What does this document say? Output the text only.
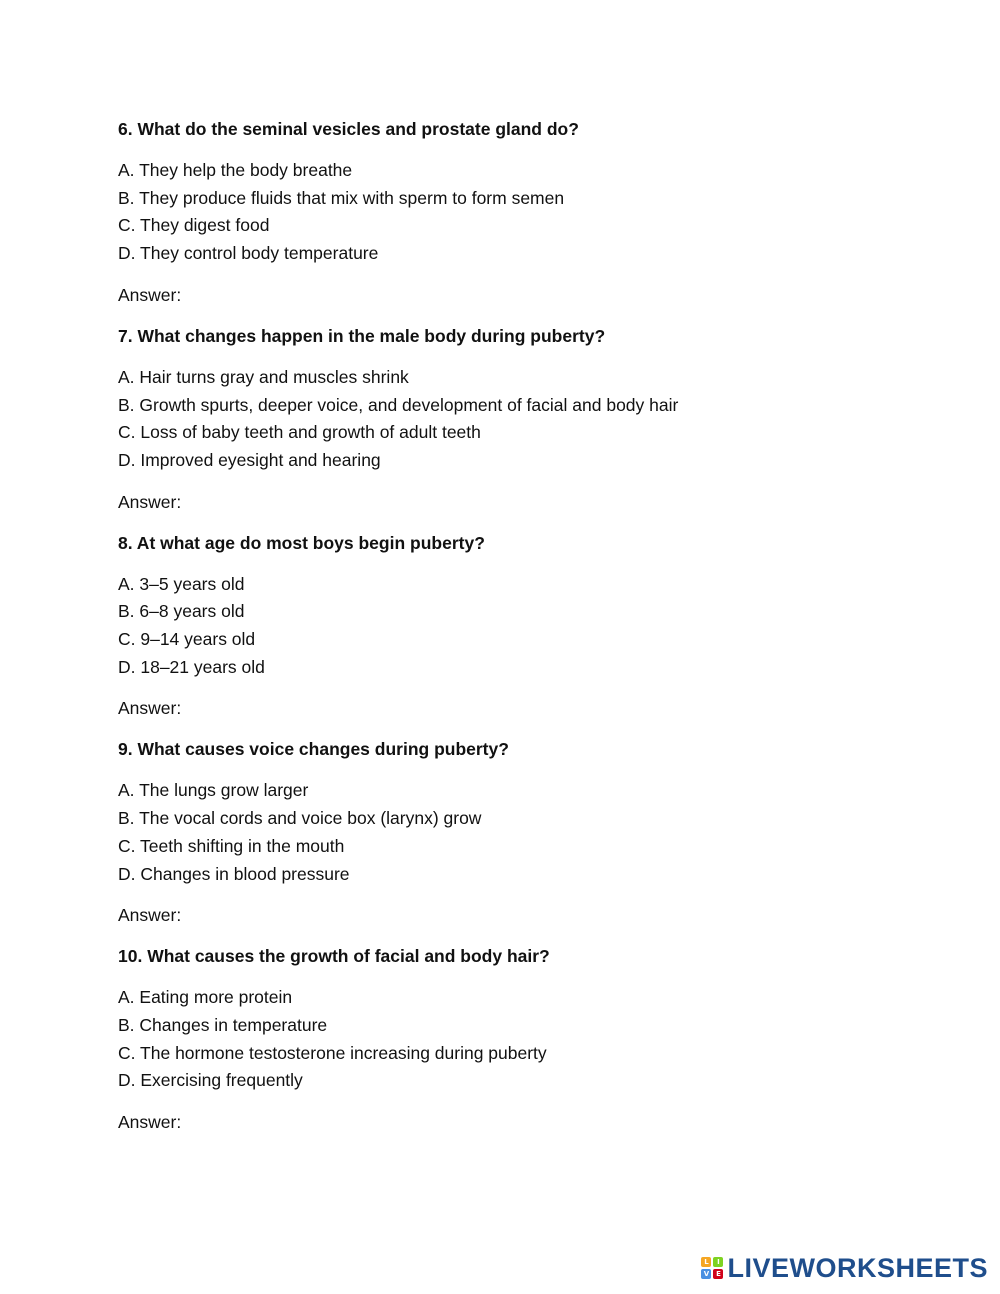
6. What do the seminal vesicles and prostate gland do?

A. They help the body breathe
B. They produce fluids that mix with sperm to form semen
C. They digest food
D. They control body temperature

Answer:

7. What changes happen in the male body during puberty?

A. Hair turns gray and muscles shrink
B. Growth spurts, deeper voice, and development of facial and body hair
C. Loss of baby teeth and growth of adult teeth
D. Improved eyesight and hearing

Answer:

8. At what age do most boys begin puberty?

A. 3–5 years old
B. 6–8 years old
C. 9–14 years old
D. 18–21 years old

Answer:

9. What causes voice changes during puberty?

A. The lungs grow larger
B. The vocal cords and voice box (larynx) grow
C. Teeth shifting in the mouth
D. Changes in blood pressure

Answer:

10. What causes the growth of facial and body hair?

A. Eating more protein
B. Changes in temperature
C. The hormone testosterone increasing during puberty
D. Exercising frequently

Answer:

L	I
V E LIVEWORKSHEETS
